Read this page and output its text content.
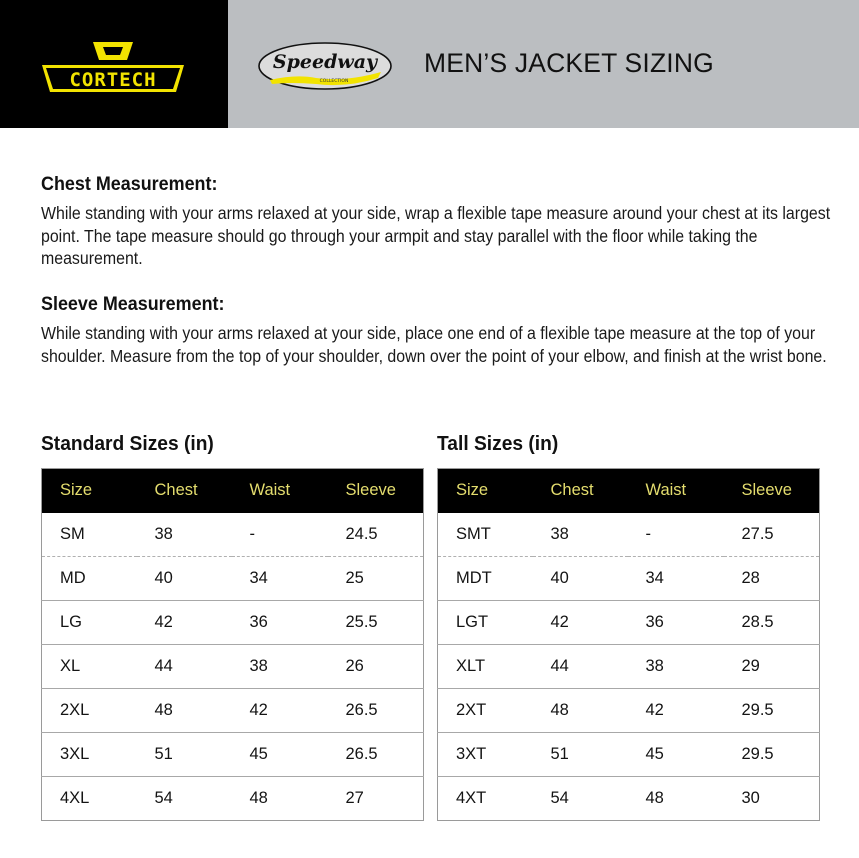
CORTECH
Speedway
COLLECTION
MEN’S JACKET SIZING
Chest Measurement:

While standing with your arms relaxed at your side, wrap a flexible tape measure around your chest at its largest point. The tape measure should go through your armpit and stay parallel with the floor while taking the measurement.

Sleeve Measurement:

While standing with your arms relaxed at your side, place one end of a flexible tape measure at the top of your shoulder. Measure from the top of your shoulder, down over the point of your elbow, and finish at the wrist bone.

Standard Sizes (in)
Size	Chest	Waist	Sleeve
SM	38	-	24.5
MD	40	34	25
LG	42	36	25.5
XL	44	38	26
2XL	48	42	26.5
3XL	51	45	26.5
4XL	54	48	27
Tall Sizes (in)
Size	Chest	Waist	Sleeve
SMT	38	-	27.5
MDT	40	34	28
LGT	42	36	28.5
XLT	44	38	29
2XT	48	42	29.5
3XT	51	45	29.5
4XT	54	48	30
